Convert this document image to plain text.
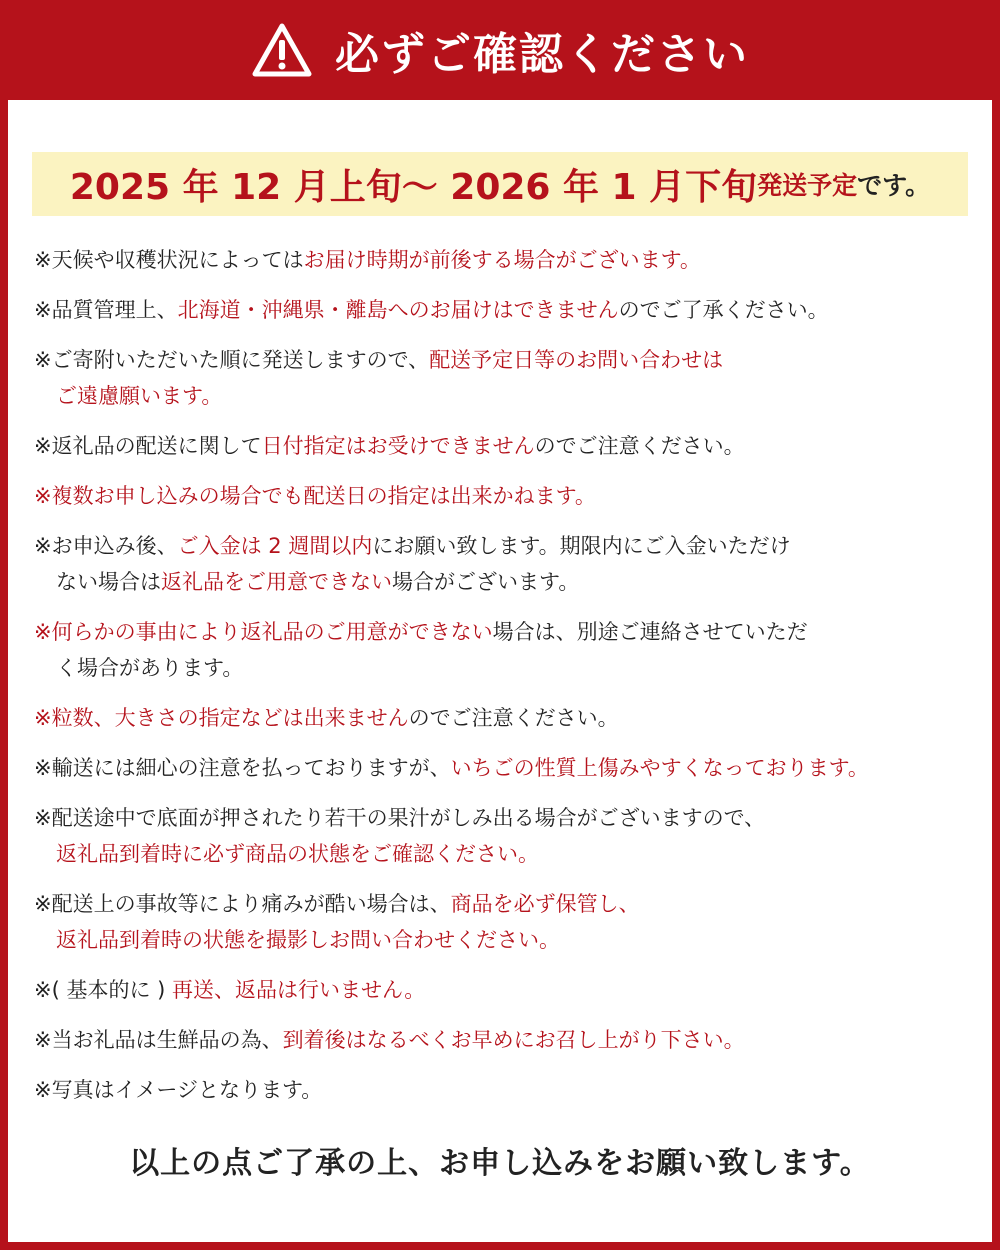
必ずご確認ください
2025 年 12 月上旬～ 2026 年 1 月下旬 発送予定 です。
※天候や収穫状況によってはお届け時期が前後する場合がございます。
※品質管理上、北海道・沖縄県・離島へのお届けはできませんのでご了承ください。
※ご寄附いただいた順に発送しますので、配送予定日等のお問い合わせは
ご遠慮願います。
※返礼品の配送に関して日付指定はお受けできませんのでご注意ください。
※複数お申し込みの場合でも配送日の指定は出来かねます。
※お申込み後、ご入金は 2 週間以内にお願い致します。期限内にご入金いただけ
ない場合は返礼品をご用意できない場合がございます。
※何らかの事由により返礼品のご用意ができない場合は、別途ご連絡させていただ
く場合があります。
※粒数、大きさの指定などは出来ませんのでご注意ください。
※輸送には細心の注意を払っておりますが、いちごの性質上傷みやすくなっております。
※配送途中で底面が押されたり若干の果汁がしみ出る場合がございますので、
返礼品到着時に必ず商品の状態をご確認ください。
※配送上の事故等により痛みが酷い場合は、商品を必ず保管し、
返礼品到着時の状態を撮影しお問い合わせください。
※( 基本的に ) 再送、返品は行いません。
※当お礼品は生鮮品の為、到着後はなるべくお早めにお召し上がり下さい。
※写真はイメージとなります。
以上の点ご了承の上、お申し込みをお願い致します。
